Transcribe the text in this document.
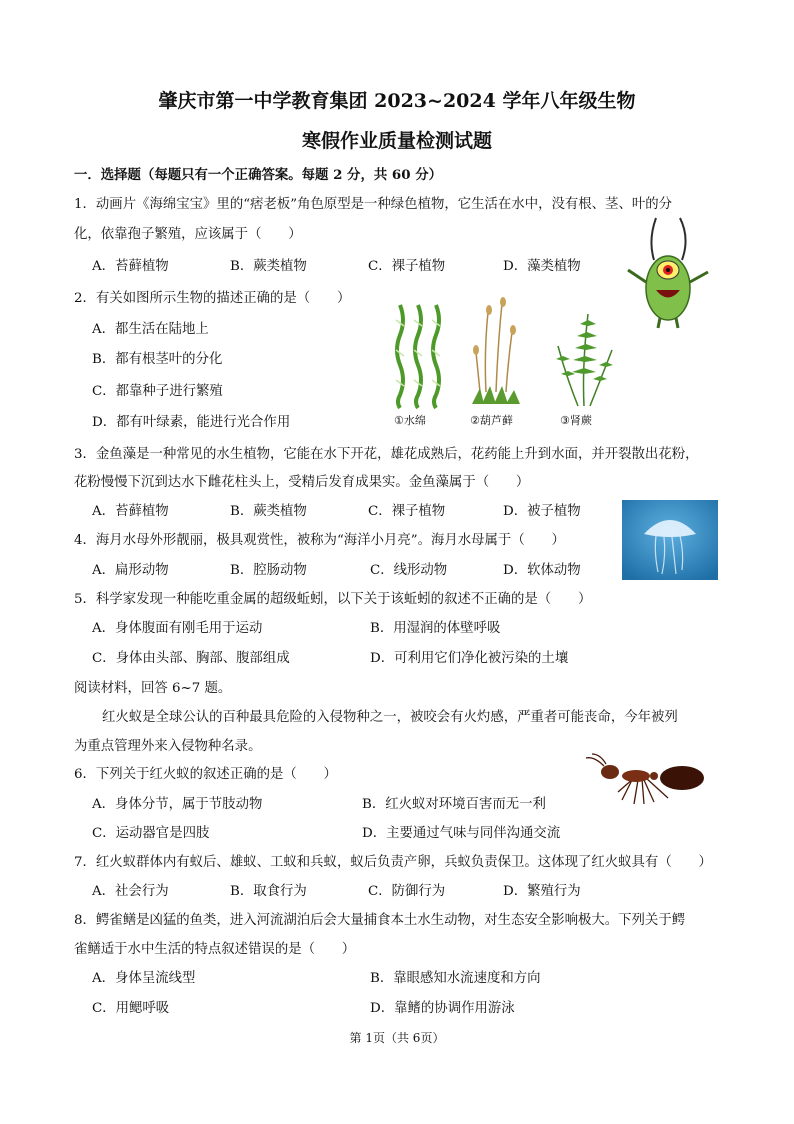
肇庆市第一中学教育集团 2023~2024 学年八年级生物
寒假作业质量检测试题
一．选择题（每题只有一个正确答案。每题 2 分，共 60 分）
1．动画片《海绵宝宝》里的“痞老板”角色原型是一种绿色植物，它生活在水中，没有根、茎、叶的分
化，依靠孢子繁殖，应该属于（　　）
A．苔藓植物	B．蕨类植物	C．裸子植物	D．藻类植物
2．有关如图所示生物的描述正确的是（　　）
A．都生活在陆地上
B．都有根茎叶的分化
C．都靠种子进行繁殖
D．都有叶绿素，能进行光合作用	①水绵	②葫芦藓	③肾蕨
3．金鱼藻是一种常见的水生植物，它能在水下开花，雄花成熟后，花药能上升到水面，并开裂散出花粉，
花粉慢慢下沉到达水下雌花柱头上，受精后发育成果实。金鱼藻属于（　　）
A．苔藓植物	B．蕨类植物	C．裸子植物	D．被子植物
4．海月水母外形靓丽，极具观赏性，被称为“海洋小月亮”。海月水母属于（　　）
A．扁形动物	B．腔肠动物	C．线形动物	D．软体动物
5．科学家发现一种能吃重金属的超级蚯蚓，以下关于该蚯蚓的叙述不正确的是（　　）
A．身体腹面有刚毛用于运动	B．用湿润的体壁呼吸
C．身体由头部、胸部、腹部组成	D．可利用它们净化被污染的土壤
阅读材料，回答 6~7 题。
红火蚁是全球公认的百种最具危险的入侵物种之一，被咬会有火灼感，严重者可能丧命，今年被列
为重点管理外来入侵物种名录。
6．下列关于红火蚁的叙述正确的是（　　）
A．身体分节，属于节肢动物	B．红火蚁对环境百害而无一利
C．运动器官是四肢	D．主要通过气味与同伴沟通交流
7．红火蚁群体内有蚁后、雄蚁、工蚁和兵蚁，蚁后负责产卵，兵蚁负责保卫。这体现了红火蚁具有（　　）
A．社会行为	B．取食行为	C．防御行为	D．繁殖行为
8．鳄雀鳝是凶猛的鱼类，进入河流湖泊后会大量捕食本土水生动物，对生态安全影响极大。下列关于鳄
雀鳝适于水中生活的特点叙述错误的是（　　）
A．身体呈流线型	B．靠眼感知水流速度和方向
C．用鳃呼吸	D．靠鳍的协调作用游泳
第 1页（共 6页）
